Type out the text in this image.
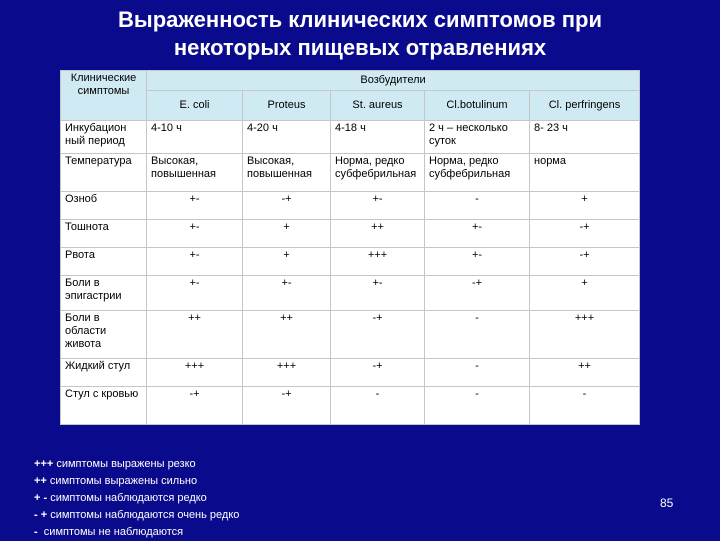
Выраженность клинических симптомов при
некоторых пищевых отравлениях
Клинические симптомы	Возбудители				
	E. coli	Proteus	St. aureus	Cl.botulinum	Cl. perfringens
Инкубацион ный период	4-10 ч	4-20 ч	4-18 ч	2 ч – несколько суток	8- 23 ч
Температура	Высокая, повышенная	Высокая, повышенная	Норма, редко субфебрильная	Норма, редко субфебрильная	норма
Озноб	+-	-+	+-	-	+
Тошнота	+-	+	++	+-	-+
Рвота	+-	+	+++	+-	-+
Боли в эпигастрии	+-	+-	+-	-+	+
Боли в области живота	++	++	-+	-	+++
Жидкий стул	+++	+++	-+	-	++
Стул с кровью	-+	-+	-	-	-
+++ симптомы выражены резко
++ симптомы выражены сильно
+ - симптомы наблюдаются редко
- + симптомы наблюдаются очень редко
- симптомы не наблюдаются
85
